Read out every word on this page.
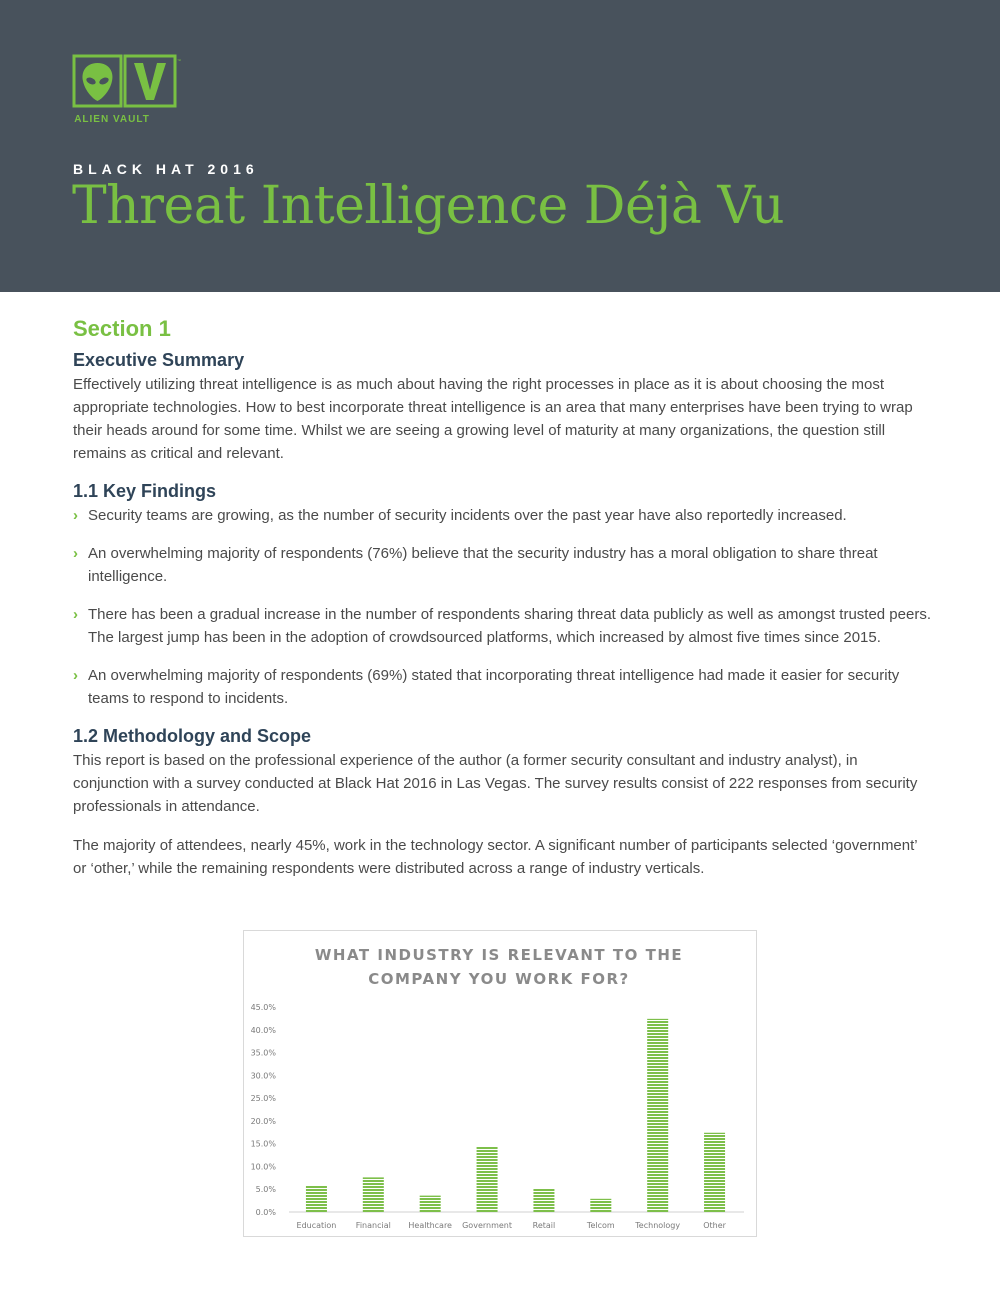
™
ALIEN VAULT
BLACK HAT 2016
Threat Intelligence Déjà Vu
Section 1
Executive Summary

Effectively utilizing threat intelligence is as much about having the right processes in place as it is about choosing the most appropriate technologies. How to best incorporate threat intelligence is an area that many enterprises have been trying to wrap their heads around for some time. Whilst we are seeing a growing level of maturity at many organizations, the question still remains as critical and relevant.

1.1 Key Findings
› Security teams are growing, as the number of security incidents over the past year have also reportedly increased.
› An overwhelming majority of respondents (76%) believe that the security industry has a moral obligation to share threat intelligence.
› There has been a gradual increase in the number of respondents sharing threat data publicly as well as amongst trusted peers. The largest jump has been in the adoption of crowdsourced platforms, which increased by almost five times since 2015.
› An overwhelming majority of respondents (69%) stated that incorporating threat intelligence had made it easier for security teams to respond to incidents.
1.2 Methodology and Scope

This report is based on the professional experience of the author (a former security consultant and industry analyst), in conjunction with a survey conducted at Black Hat 2016 in Las Vegas. The survey results consist of 222 responses from security professionals in attendance.

The majority of attendees, nearly 45%, work in the technology sector. A significant number of participants selected ‘government’ or ‘other,’ while the remaining respondents were distributed across a range of industry verticals.

WHAT INDUSTRY IS RELEVANT TO THE
COMPANY YOU WORK FOR?
0.0%
5.0%
10.0%
15.0%
20.0%
25.0%
30.0%
35.0%
40.0%
45.0%
Education Financial Healthcare Government	Retail	Telcom	Technology	Other
